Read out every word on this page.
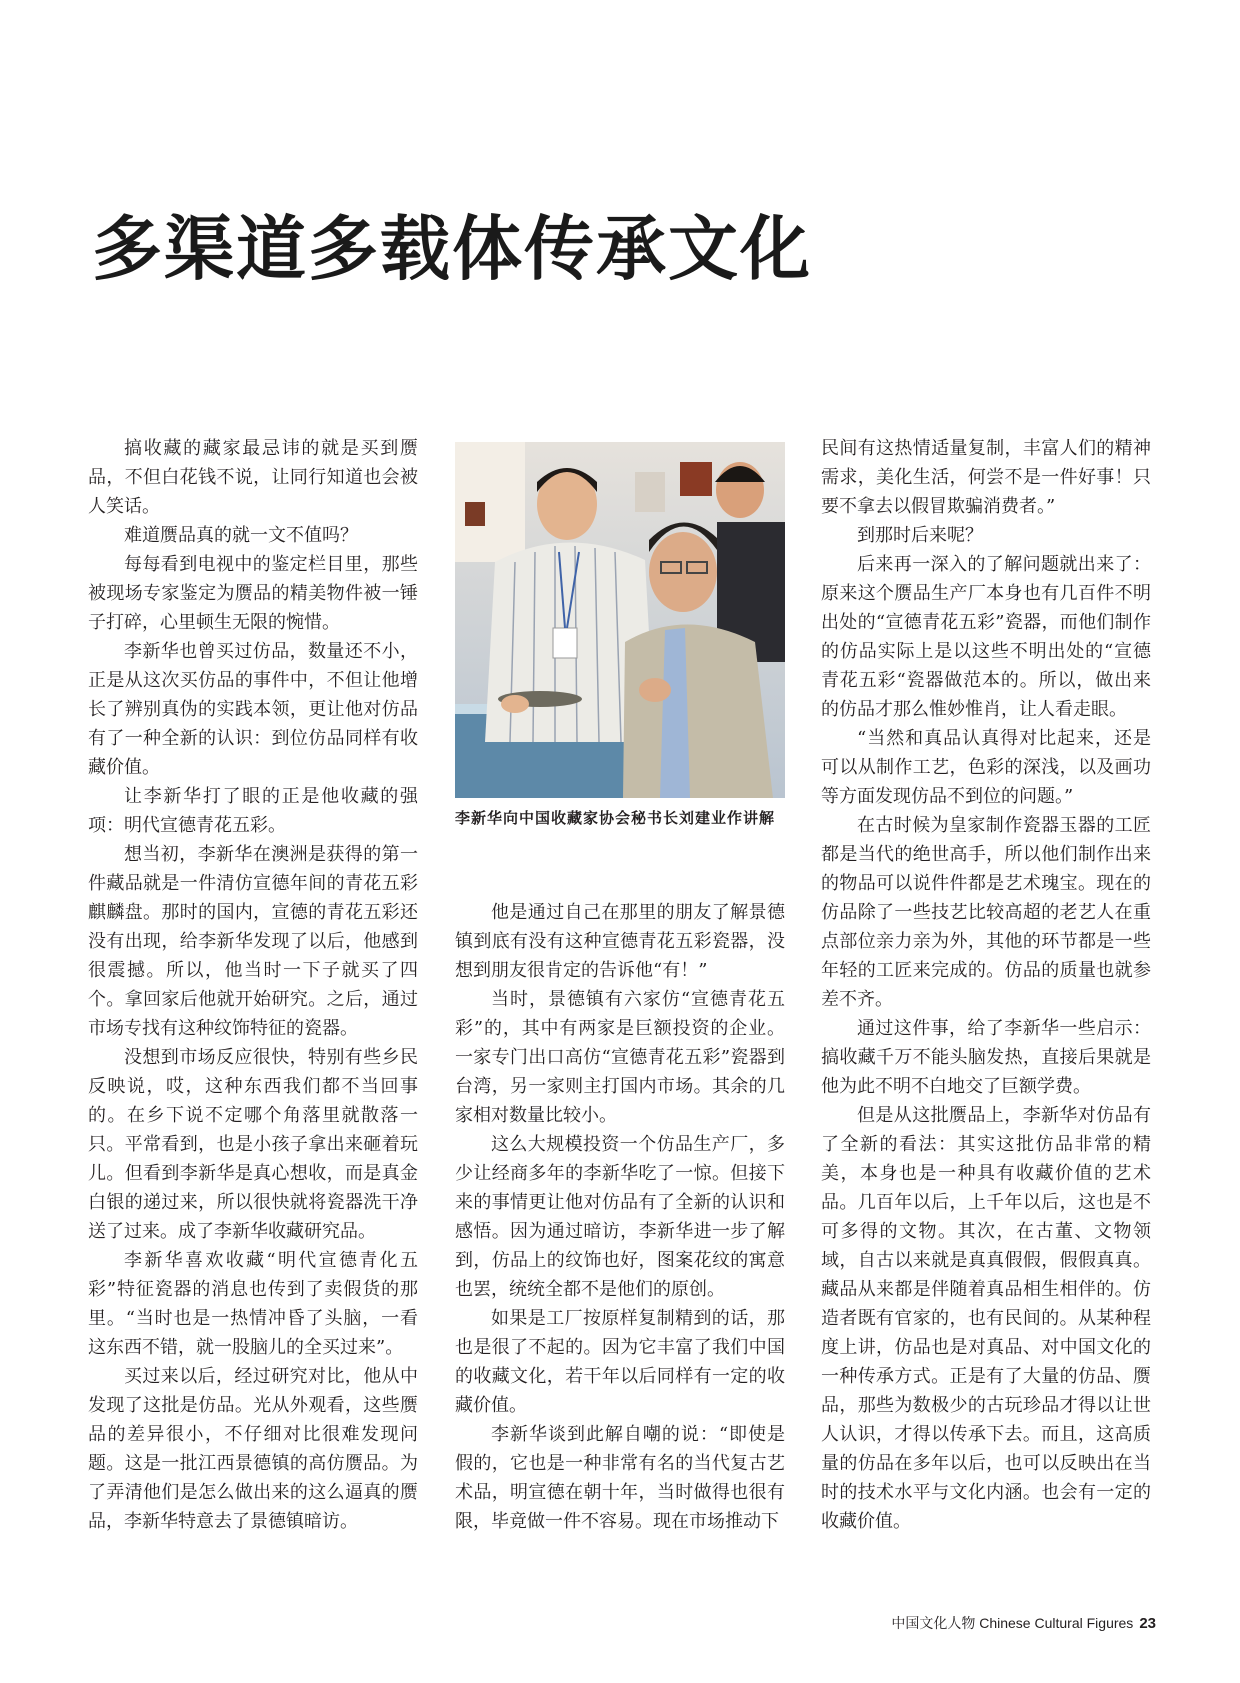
多渠道多载体传承文化

搞收藏的藏家最忌讳的就是买到赝品，不但白花钱不说，让同行知道也会被人笑话。

难道赝品真的就一文不值吗？

每每看到电视中的鉴定栏目里，那些被现场专家鉴定为赝品的精美物件被一锤子打碎，心里顿生无限的惋惜。

李新华也曾买过仿品，数量还不小，正是从这次买仿品的事件中，不但让他增长了辨别真伪的实践本领，更让他对仿品有了一种全新的认识：到位仿品同样有收藏价值。

让李新华打了眼的正是他收藏的强项：明代宣德青花五彩。

想当初，李新华在澳洲是获得的第一件藏品就是一件清仿宣德年间的青花五彩麒麟盘。那时的国内，宣德的青花五彩还没有出现，给李新华发现了以后，他感到很震撼。所以，他当时一下子就买了四个。拿回家后他就开始研究。之后，通过市场专找有这种纹饰特征的瓷器。

没想到市场反应很快，特别有些乡民反映说，哎，这种东西我们都不当回事的。在乡下说不定哪个角落里就散落一只。平常看到，也是小孩子拿出来砸着玩儿。但看到李新华是真心想收，而是真金白银的递过来，所以很快就将瓷器洗干净送了过来。成了李新华收藏研究品。

李新华喜欢收藏“明代宣德青化五彩”特征瓷器的消息也传到了卖假货的那里。“当时也是一热情冲昏了头脑，一看这东西不错，就一股脑儿的全买过来”。

买过来以后，经过研究对比，他从中发现了这批是仿品。光从外观看，这些赝品的差异很小，不仔细对比很难发现问题。这是一批江西景德镇的高仿赝品。为了弄清他们是怎么做出来的这么逼真的赝品，李新华特意去了景德镇暗访。

李新华向中国收藏家协会秘书长刘建业作讲解

他是通过自己在那里的朋友了解景德镇到底有没有这种宣德青花五彩瓷器，没想到朋友很肯定的告诉他“有！”

当时，景德镇有六家仿“宣德青花五彩”的，其中有两家是巨额投资的企业。一家专门出口高仿“宣德青花五彩”瓷器到台湾，另一家则主打国内市场。其余的几家相对数量比较小。

这么大规模投资一个仿品生产厂，多少让经商多年的李新华吃了一惊。但接下来的事情更让他对仿品有了全新的认识和感悟。因为通过暗访，李新华进一步了解到，仿品上的纹饰也好，图案花纹的寓意也罢，统统全都不是他们的原创。

如果是工厂按原样复制精到的话，那也是很了不起的。因为它丰富了我们中国的收藏文化，若干年以后同样有一定的收藏价值。

李新华谈到此解自嘲的说：“即使是假的，它也是一种非常有名的当代复古艺术品，明宣德在朝十年，当时做得也很有限，毕竟做一件不容易。现在市场推动下

民间有这热情适量复制，丰富人们的精神需求，美化生活，何尝不是一件好事！只要不拿去以假冒欺骗消费者。”

到那时后来呢？

后来再一深入的了解问题就出来了：原来这个赝品生产厂本身也有几百件不明出处的“宣德青花五彩”瓷器，而他们制作的仿品实际上是以这些不明出处的“宣德青花五彩“瓷器做范本的。所以，做出来的仿品才那么惟妙惟肖，让人看走眼。

“当然和真品认真得对比起来，还是可以从制作工艺，色彩的深浅，以及画功等方面发现仿品不到位的问题。”

在古时候为皇家制作瓷器玉器的工匠都是当代的绝世高手，所以他们制作出来的物品可以说件件都是艺术瑰宝。现在的仿品除了一些技艺比较高超的老艺人在重点部位亲力亲为外，其他的环节都是一些年轻的工匠来完成的。仿品的质量也就参差不齐。

通过这件事，给了李新华一些启示：搞收藏千万不能头脑发热，直接后果就是他为此不明不白地交了巨额学费。

但是从这批赝品上，李新华对仿品有了全新的看法：其实这批仿品非常的精美，本身也是一种具有收藏价值的艺术品。几百年以后，上千年以后，这也是不可多得的文物。其次，在古董、文物领域，自古以来就是真真假假，假假真真。藏品从来都是伴随着真品相生相伴的。仿造者既有官家的，也有民间的。从某种程度上讲，仿品也是对真品、对中国文化的一种传承方式。正是有了大量的仿品、赝品，那些为数极少的古玩珍品才得以让世人认识，才得以传承下去。而且，这高质量的仿品在多年以后，也可以反映出在当时的技术水平与文化内涵。也会有一定的收藏价值。

中国文化人物 Chinese Cultural Figures 23
